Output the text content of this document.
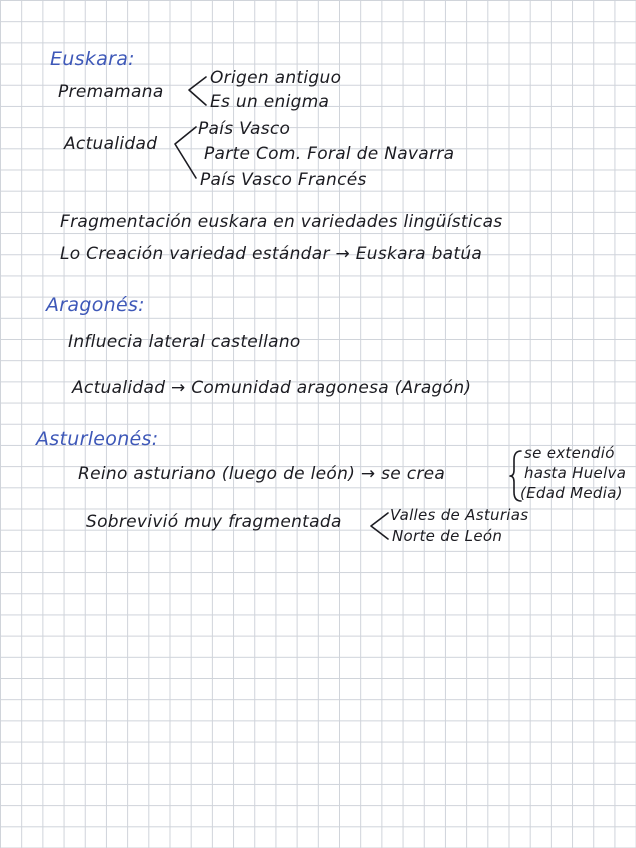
Euskara:
Premamana
Origen antiguo
Es un enigma
Actualidad
País Vasco
Parte Com. Foral de Navarra
País Vasco Francés
Fragmentación euskara en variedades lingüísticas
Lo Creación variedad estándar → Euskara batúa
Aragonés:
Influecia lateral castellano
Actualidad → Comunidad aragonesa (Aragón)
Asturleonés:
Reino asturiano (luego de león) → se crea
se extendió
hasta Huelva
(Edad Media)
Sobrevivió muy fragmentada	Valles de Asturias
Norte de León
